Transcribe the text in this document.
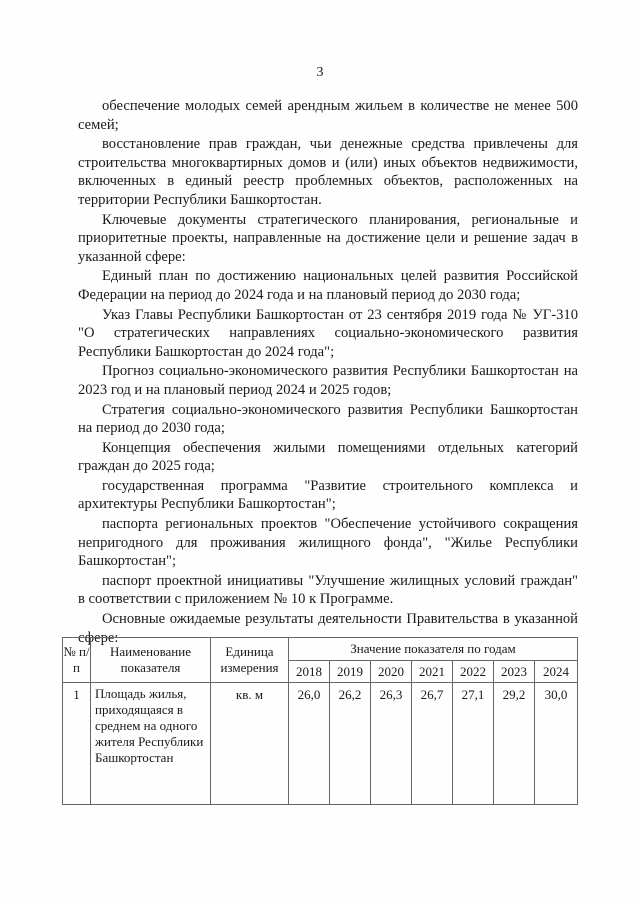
3

обеспечение молодых семей арендным жильем в количестве не менее 500 семей;

восстановление прав граждан, чьи денежные средства привлечены для строительства многоквартирных домов и (или) иных объектов недвижимости, включенных в единый реестр проблемных объектов, расположенных на территории Республики Башкортостан.

Ключевые документы стратегического планирования, региональные и приоритетные проекты, направленные на достижение цели и решение задач в указанной сфере:

Единый план по достижению национальных целей развития Российской Федерации на период до 2024 года и на плановый период до 2030 года;

Указ Главы Республики Башкортостан от 23 сентября 2019 года № УГ-310 "О стратегических направлениях социально-экономического развития Республики Башкортостан до 2024 года";

Прогноз социально-экономического развития Республики Башкортостан на 2023 год и на плановый период 2024 и 2025 годов;

Стратегия социально-экономического развития Республики Башкортостан на период до 2030 года;

Концепция обеспечения жилыми помещениями отдельных категорий граждан до 2025 года;

государственная программа "Развитие строительного комплекса и архитектуры Республики Башкортостан";

паспорта региональных проектов "Обеспечение устойчивого сокращения непригодного для проживания жилищного фонда", "Жилье Республики Башкортостан";

паспорт проектной инициативы "Улучшение жилищных условий граждан" в соответствии с приложением № 10 к Программе.

Основные ожидаемые результаты деятельности Правительства в указанной сфере:

№ п/п	Наименование показателя	Единица измерения	Значение показателя по годам						
			2018	2019	2020	2021	2022	2023	2024
1	Площадь жилья, приходящаяся в среднем на одного жителя Республики Башкортостан	кв. м	26,0	26,2	26,3	26,7	27,1	29,2	30,0
